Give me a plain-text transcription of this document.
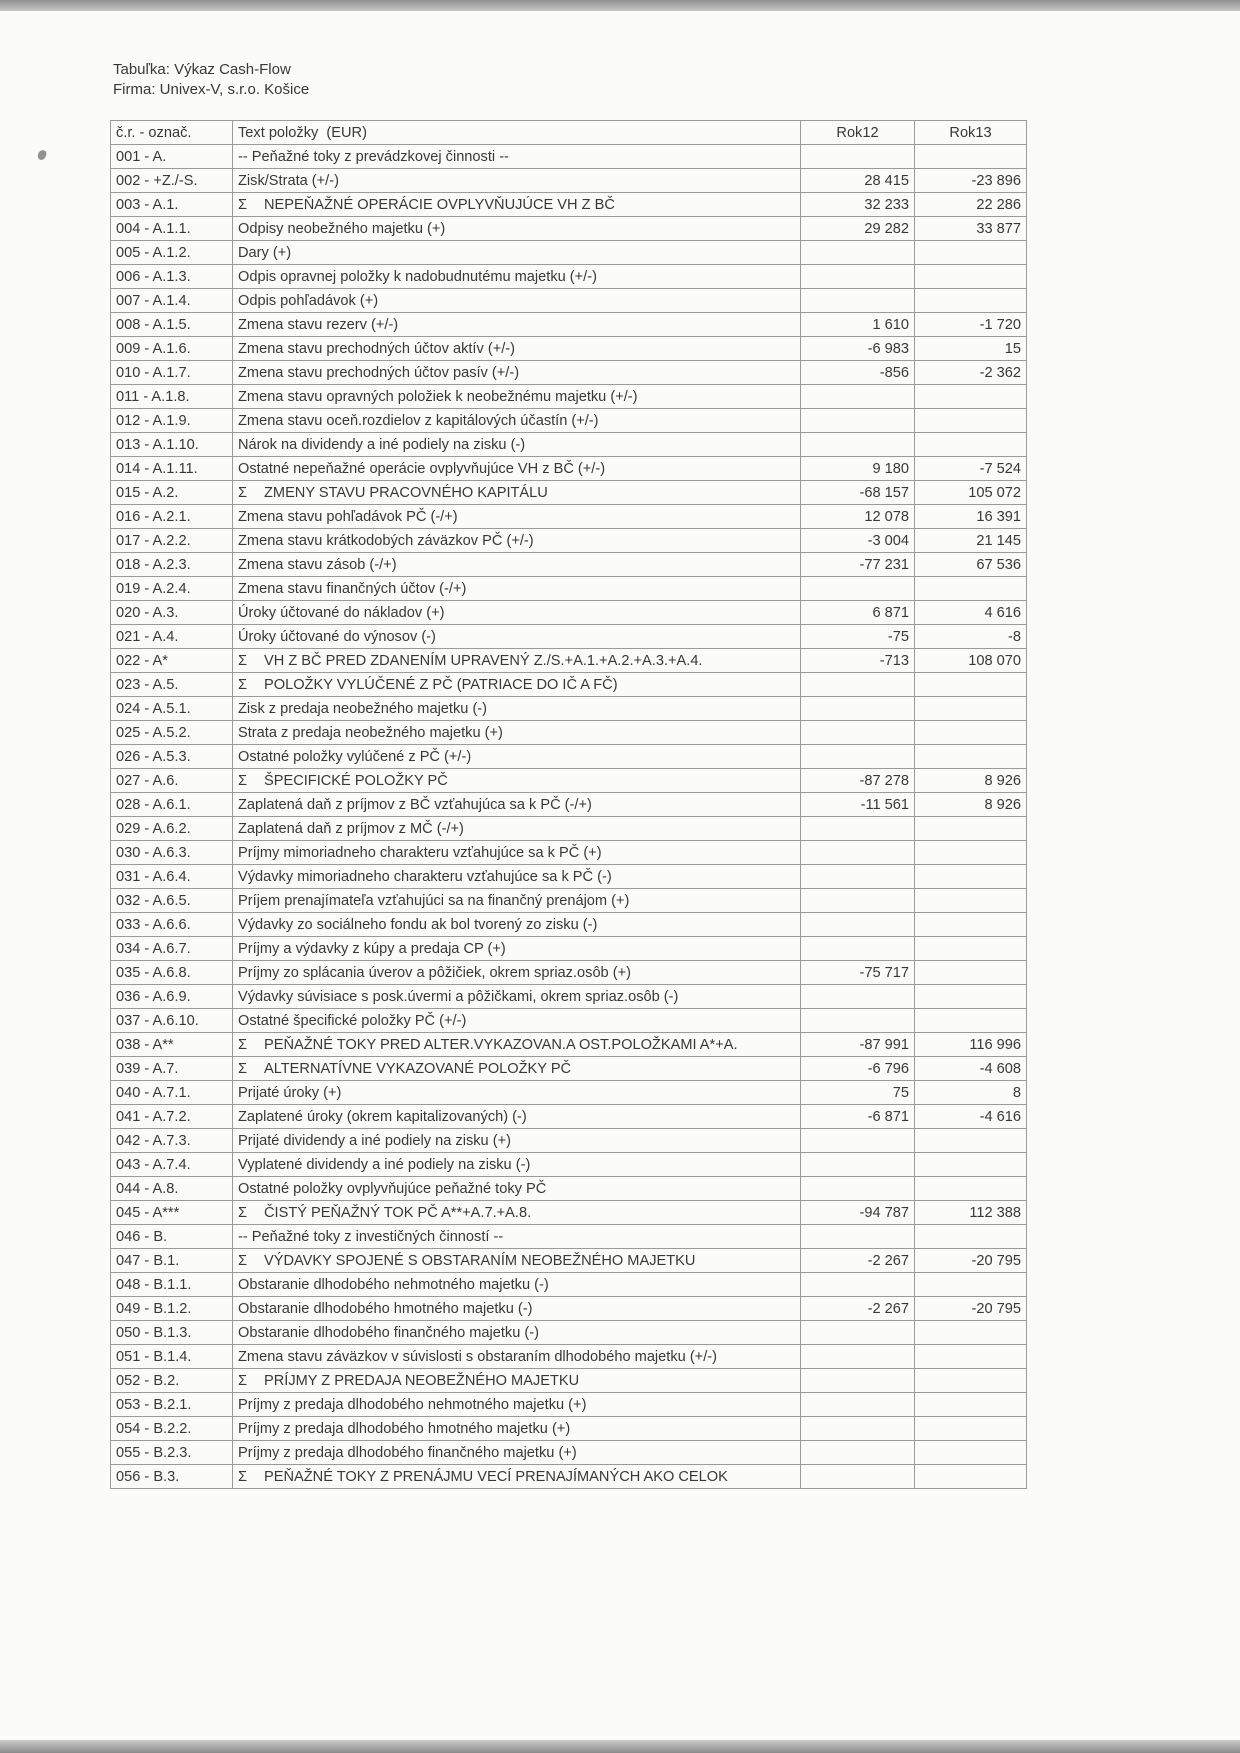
Tabuľka: Výkaz Cash-Flow
Firma: Univex-V, s.r.o. Košice
č.r. - označ.	Text položky  (EUR)	Rok12	Rok13
001 - A.	-- Peňažné toky z prevádzkovej činnosti --		
002 - +Z./-S.	Zisk/Strata (+/-)	28 415	-23 896
003 - A.1.	Σ NEPEŇAŽNÉ OPERÁCIE OVPLYVŇUJÚCE VH Z BČ	32 233	22 286
004 - A.1.1.	Odpisy neobežného majetku (+)	29 282	33 877
005 - A.1.2.	Dary (+)		
006 - A.1.3.	Odpis opravnej položky k nadobudnutému majetku (+/-)		
007 - A.1.4.	Odpis pohľadávok (+)		
008 - A.1.5.	Zmena stavu rezerv (+/-)	1 610	-1 720
009 - A.1.6.	Zmena stavu prechodných účtov aktív (+/-)	-6 983	15
010 - A.1.7.	Zmena stavu prechodných účtov pasív (+/-)	-856	-2 362
011 - A.1.8.	Zmena stavu opravných položiek k neobežnému majetku (+/-)		
012 - A.1.9.	Zmena stavu oceň.rozdielov z kapitálových účastín (+/-)		
013 - A.1.10.	Nárok na dividendy a iné podiely na zisku (-)		
014 - A.1.11.	Ostatné nepeňažné operácie ovplyvňujúce VH z BČ (+/-)	9 180	-7 524
015 - A.2.	Σ ZMENY STAVU PRACOVNÉHO KAPITÁLU	-68 157	105 072
016 - A.2.1.	Zmena stavu pohľadávok PČ (-/+)	12 078	16 391
017 - A.2.2.	Zmena stavu krátkodobých záväzkov PČ (+/-)	-3 004	21 145
018 - A.2.3.	Zmena stavu zásob (-/+)	-77 231	67 536
019 - A.2.4.	Zmena stavu finančných účtov (-/+)		
020 - A.3.	Úroky účtované do nákladov (+)	6 871	4 616
021 - A.4.	Úroky účtované do výnosov (-)	-75	-8
022 - A*	Σ VH Z BČ PRED ZDANENÍM UPRAVENÝ Z./S.+A.1.+A.2.+A.3.+A.4.	-713	108 070
023 - A.5.	Σ POLOŽKY VYLÚČENÉ Z PČ (PATRIACE DO IČ A FČ)		
024 - A.5.1.	Zisk z predaja neobežného majetku (-)		
025 - A.5.2.	Strata z predaja neobežného majetku (+)		
026 - A.5.3.	Ostatné položky vylúčené z PČ (+/-)		
027 - A.6.	Σ ŠPECIFICKÉ POLOŽKY PČ	-87 278	8 926
028 - A.6.1.	Zaplatená daň z príjmov z BČ vzťahujúca sa k PČ (-/+)	-11 561	8 926
029 - A.6.2.	Zaplatená daň z príjmov z MČ (-/+)		
030 - A.6.3.	Príjmy mimoriadneho charakteru vzťahujúce sa k PČ (+)		
031 - A.6.4.	Výdavky mimoriadneho charakteru vzťahujúce sa k PČ (-)		
032 - A.6.5.	Príjem prenajímateľa vzťahujúci sa na finančný prenájom (+)		
033 - A.6.6.	Výdavky zo sociálneho fondu ak bol tvorený zo zisku (-)		
034 - A.6.7.	Príjmy a výdavky z kúpy a predaja CP (+)		
035 - A.6.8.	Príjmy zo splácania úverov a pôžičiek, okrem spriaz.osôb (+)	-75 717	
036 - A.6.9.	Výdavky súvisiace s posk.úvermi a pôžičkami, okrem spriaz.osôb (-)		
037 - A.6.10.	Ostatné špecifické položky PČ (+/-)		
038 - A**	Σ PEŇAŽNÉ TOKY PRED ALTER.VYKAZOVAN.A OST.POLOŽKAMI A*+A.	-87 991	116 996
039 - A.7.	Σ ALTERNATÍVNE VYKAZOVANÉ POLOŽKY PČ	-6 796	-4 608
040 - A.7.1.	Prijaté úroky (+)	75	8
041 - A.7.2.	Zaplatené úroky (okrem kapitalizovaných) (-)	-6 871	-4 616
042 - A.7.3.	Prijaté dividendy a iné podiely na zisku (+)		
043 - A.7.4.	Vyplatené dividendy a iné podiely na zisku (-)		
044 - A.8.	Ostatné položky ovplyvňujúce peňažné toky PČ		
045 - A***	Σ ČISTÝ PEŇAŽNÝ TOK PČ A**+A.7.+A.8.	-94 787	112 388
046 - B.	-- Peňažné toky z investičných činností --		
047 - B.1.	Σ VÝDAVKY SPOJENÉ S OBSTARANÍM NEOBEŽNÉHO MAJETKU	-2 267	-20 795
048 - B.1.1.	Obstaranie dlhodobého nehmotného majetku (-)		
049 - B.1.2.	Obstaranie dlhodobého hmotného majetku (-)	-2 267	-20 795
050 - B.1.3.	Obstaranie dlhodobého finančného majetku (-)		
051 - B.1.4.	Zmena stavu záväzkov v súvislosti s obstaraním dlhodobého majetku (+/-)		
052 - B.2.	Σ PRÍJMY Z PREDAJA NEOBEŽNÉHO MAJETKU		
053 - B.2.1.	Príjmy z predaja dlhodobého nehmotného majetku (+)		
054 - B.2.2.	Príjmy z predaja dlhodobého hmotného majetku (+)		
055 - B.2.3.	Príjmy z predaja dlhodobého finančného majetku (+)		
056 - B.3.	Σ PEŇAŽNÉ TOKY Z PRENÁJMU VECÍ PRENAJÍMANÝCH AKO CELOK		
